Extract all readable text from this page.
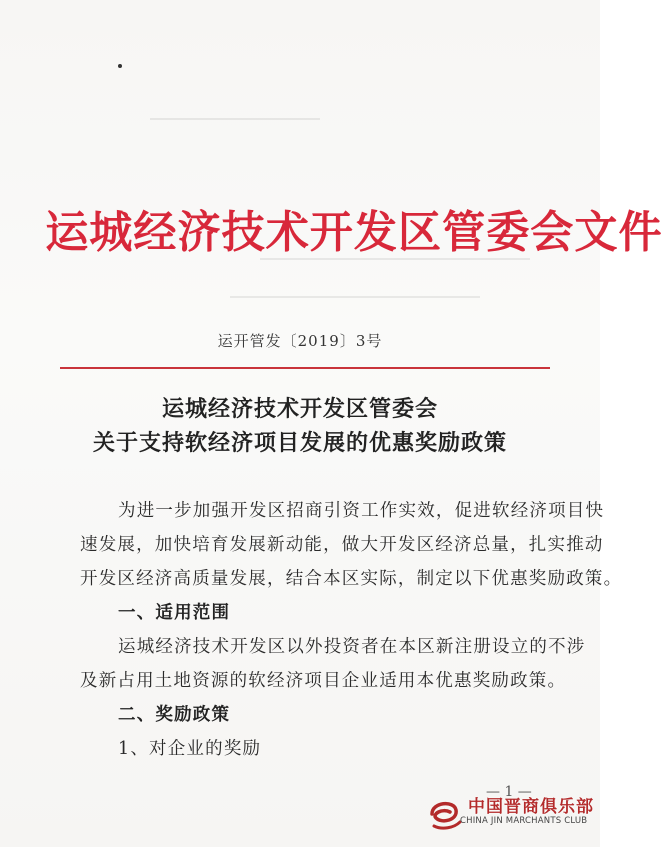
运城经济技术开发区管委会文件
运开管发〔2019〕3号
运城经济技术开发区管委会
关于支持软经济项目发展的优惠奖励政策
为进一步加强开发区招商引资工作实效，促进软经济项目快
速发展，加快培育发展新动能，做大开发区经济总量，扎实推动
开发区经济高质量发展，结合本区实际，制定以下优惠奖励政策。
一、适用范围
运城经济技术开发区以外投资者在本区新注册设立的不涉
及新占用土地资源的软经济项目企业适用本优惠奖励政策。
二、奖励政策
1、对企业的奖励
— 1 —
中国晋商俱乐部
CHINA JIN MARCHANTS CLUB
